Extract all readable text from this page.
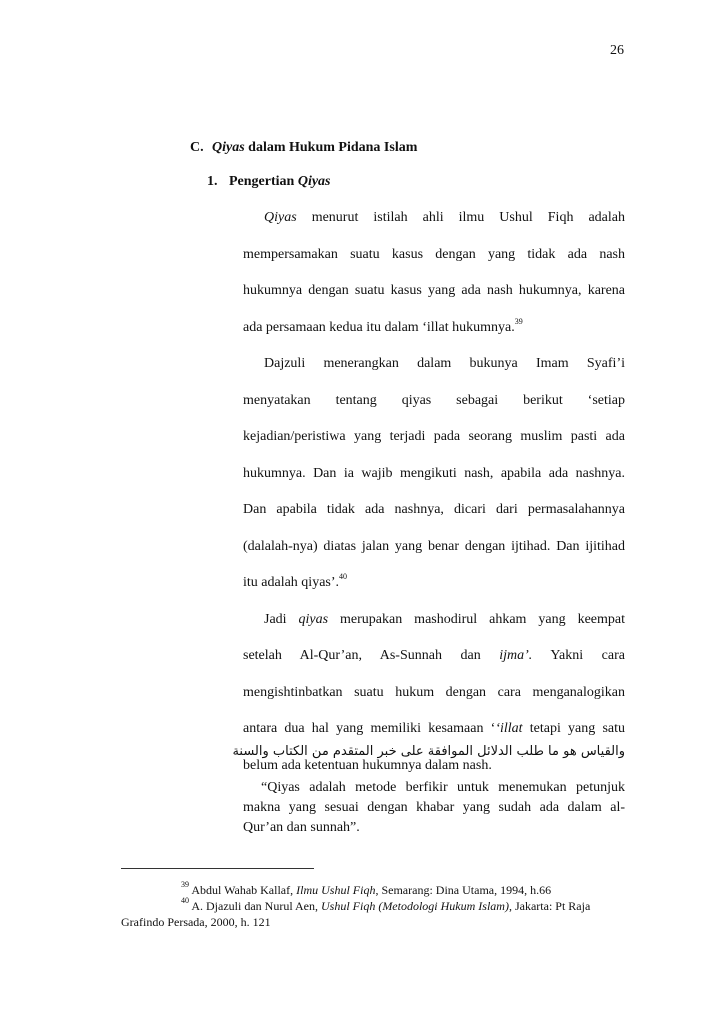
26
C. Qiyas dalam Hukum Pidana Islam
1. Pengertian Qiyas
Qiyas menurut istilah ahli ilmu Ushul Fiqh adalah
mempersamakan suatu kasus dengan yang tidak ada nash
hukumnya dengan suatu kasus yang ada nash hukumnya, karena
ada persamaan kedua itu dalam ‘illat hukumnya.$^{39}$
Dajzuli menerangkan dalam bukunya Imam Syafi’i
menyatakan tentang qiyas sebagai berikut ‘setiap
kejadian/peristiwa yang terjadi pada seorang muslim pasti ada
hukumnya. Dan ia wajib mengikuti nash, apabila ada nashnya.
Dan apabila tidak ada nashnya, dicari dari permasalahannya
(dalalah-nya) diatas jalan yang benar dengan ijtihad. Dan ijitihad
itu adalah qiyas’.$^{40}$
Jadi qiyas merupakan mashodirul ahkam yang keempat
setelah Al-Qur’an, As-Sunnah dan ijma’. Yakni cara
mengishtinbatkan suatu hukum dengan cara menganalogikan
antara dua hal yang memiliki kesamaan ‘‘illat tetapi yang satu
belum ada ketentuan hukumnya dalam nash.
والقياس هو ما طلب الدلائل الموافقة على خبر المتقدم من الكتاب والسنة
“Qiyas adalah metode berfikir untuk menemukan petunjuk
makna yang sesuai dengan khabar yang sudah ada dalam al-
Qur’an dan sunnah”.
$^{39}$ Abdul Wahab Kallaf, Ilmu Ushul Fiqh, Semarang: Dina Utama, 1994, h.66
$^{40}$ A. Djazuli dan Nurul Aen, Ushul Fiqh (Metodologi Hukum Islam), Jakarta: Pt Raja
Grafindo Persada, 2000, h. 121
